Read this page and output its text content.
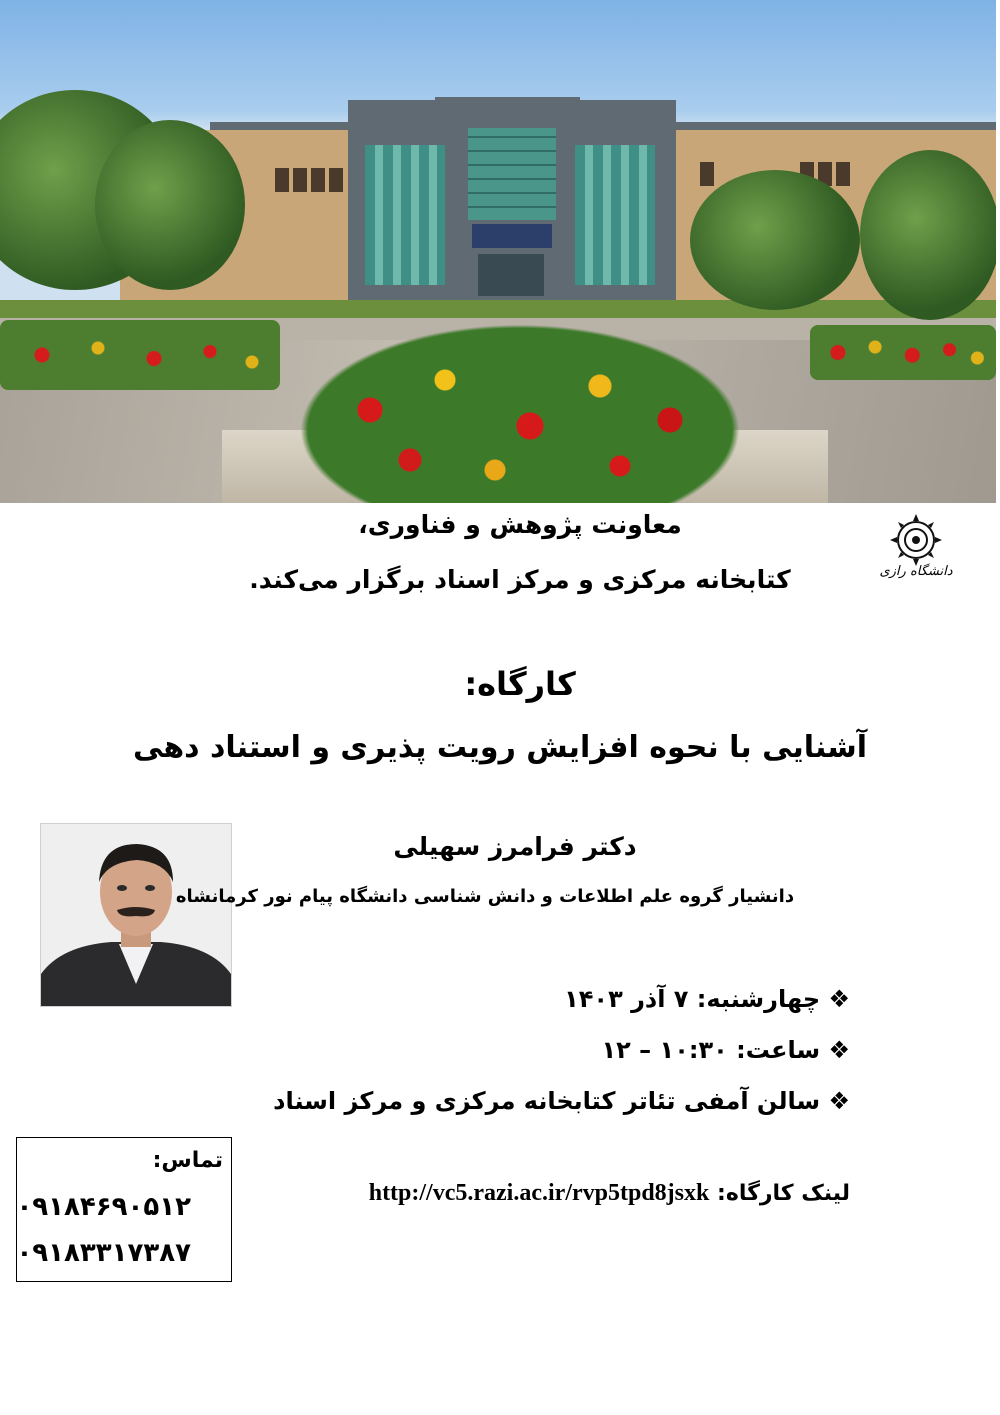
دانشگاه رازی
معاونت پژوهش و فناوری،
کتابخانه مرکزی و مرکز اسناد برگزار می‌کند.
کارگاه:
آشنایی با نحوه افزایش رویت پذیری و استناد دهی
دکتر فرامرز سهیلی
دانشیار گروه علم اطلاعات و دانش شناسی دانشگاه پیام نور کرمانشاه
❖ چهارشنبه: ۷ آذر ۱۴۰۳
❖ ساعت: ۱۰:۳۰ – ۱۲
❖ سالن آمفی تئاتر کتابخانه مرکزی و مرکز اسناد
لینک کارگاه: http://vc5.razi.ac.ir/rvp5tpd8jsxk
تماس:
۰۹۱۸۴۶۹۰۵۱۲
۰۹۱۸۳۳۱۷۳۸۷
